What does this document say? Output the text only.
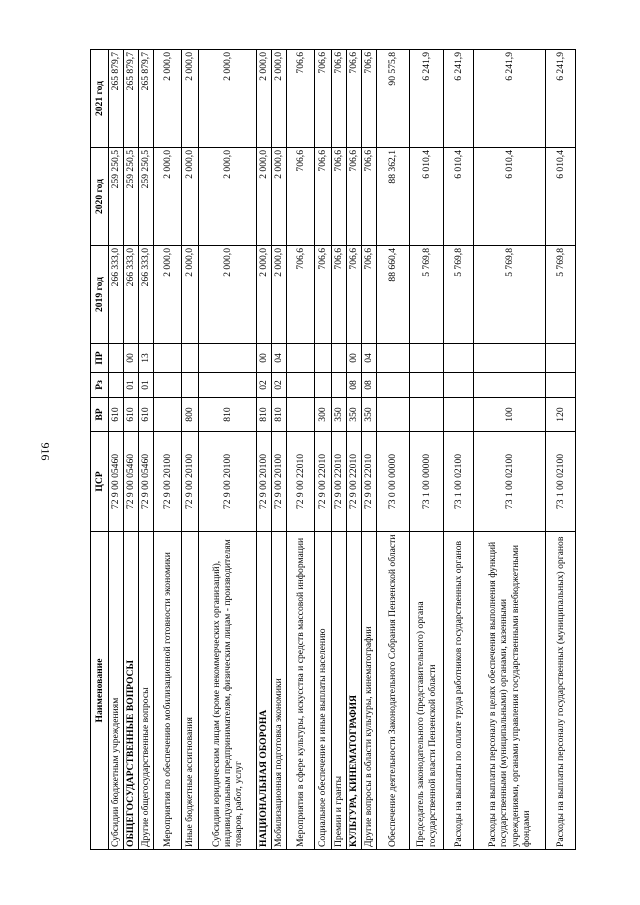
916
Наименование	ЦСР	ВР	Рз	ПР	2019 год	2020 год	2021 год
Субсидии бюджетным учреждениям	72 9 00 05460	610			266 333,0	259 250,5	265 879,7
ОБЩЕГОСУДАРСТВЕННЫЕ ВОПРОСЫ	72 9 00 05460	610	01	00	266 333,0	259 250,5	265 879,7
Другие общегосударственные вопросы	72 9 00 05460	610	01	13	266 333,0	259 250,5	265 879,7
Мероприятия по обеспечению мобилизационной готовности экономики	72 9 00 20100				2 000,0	2 000,0	2 000,0
Иные бюджетные ассигнования	72 9 00 20100	800			2 000,0	2 000,0	2 000,0
Субсидии юридическим лицам (кроме некоммерческих организаций), индивидуальным предпринимателям, физическим лицам - производителям товаров, работ, услуг	72 9 00 20100	810			2 000,0	2 000,0	2 000,0
НАЦИОНАЛЬНАЯ ОБОРОНА	72 9 00 20100	810	02	00	2 000,0	2 000,0	2 000,0
Мобилизационная подготовка экономики	72 9 00 20100	810	02	04	2 000,0	2 000,0	2 000,0
Мероприятия в сфере культуры, искусства и средств массовой информации	72 9 00 22010				706,6	706,6	706,6
Социальное обеспечение и иные выплаты населению	72 9 00 22010	300			706,6	706,6	706,6
Премии и гранты	72 9 00 22010	350			706,6	706,6	706,6
КУЛЬТУРА, КИНЕМАТОГРАФИЯ	72 9 00 22010	350	08	00	706,6	706,6	706,6
Другие вопросы в области культуры, кинематографии	72 9 00 22010	350	08	04	706,6	706,6	706,6
Обеспечение деятельности Законодательного Собрания Пензенской области	73 0 00 00000				88 660,4	88 362,1	90 575,8
Председатель законодательного (представительного) органа государственной власти Пензенской области	73 1 00 00000				5 769,8	6 010,4	6 241,9
Расходы на выплаты по оплате труда работников государственных органов	73 1 00 02100				5 769,8	6 010,4	6 241,9
Расходы на выплаты персоналу в целях обеспечения выполнения функций государственными (муниципальными) органами, казенными учреждениями, органами управления государственными внебюджетными фондами	73 1 00 02100	100			5 769,8	6 010,4	6 241,9
Расходы на выплаты персоналу государственных (муниципальных) органов	73 1 00 02100	120			5 769,8	6 010,4	6 241,9
